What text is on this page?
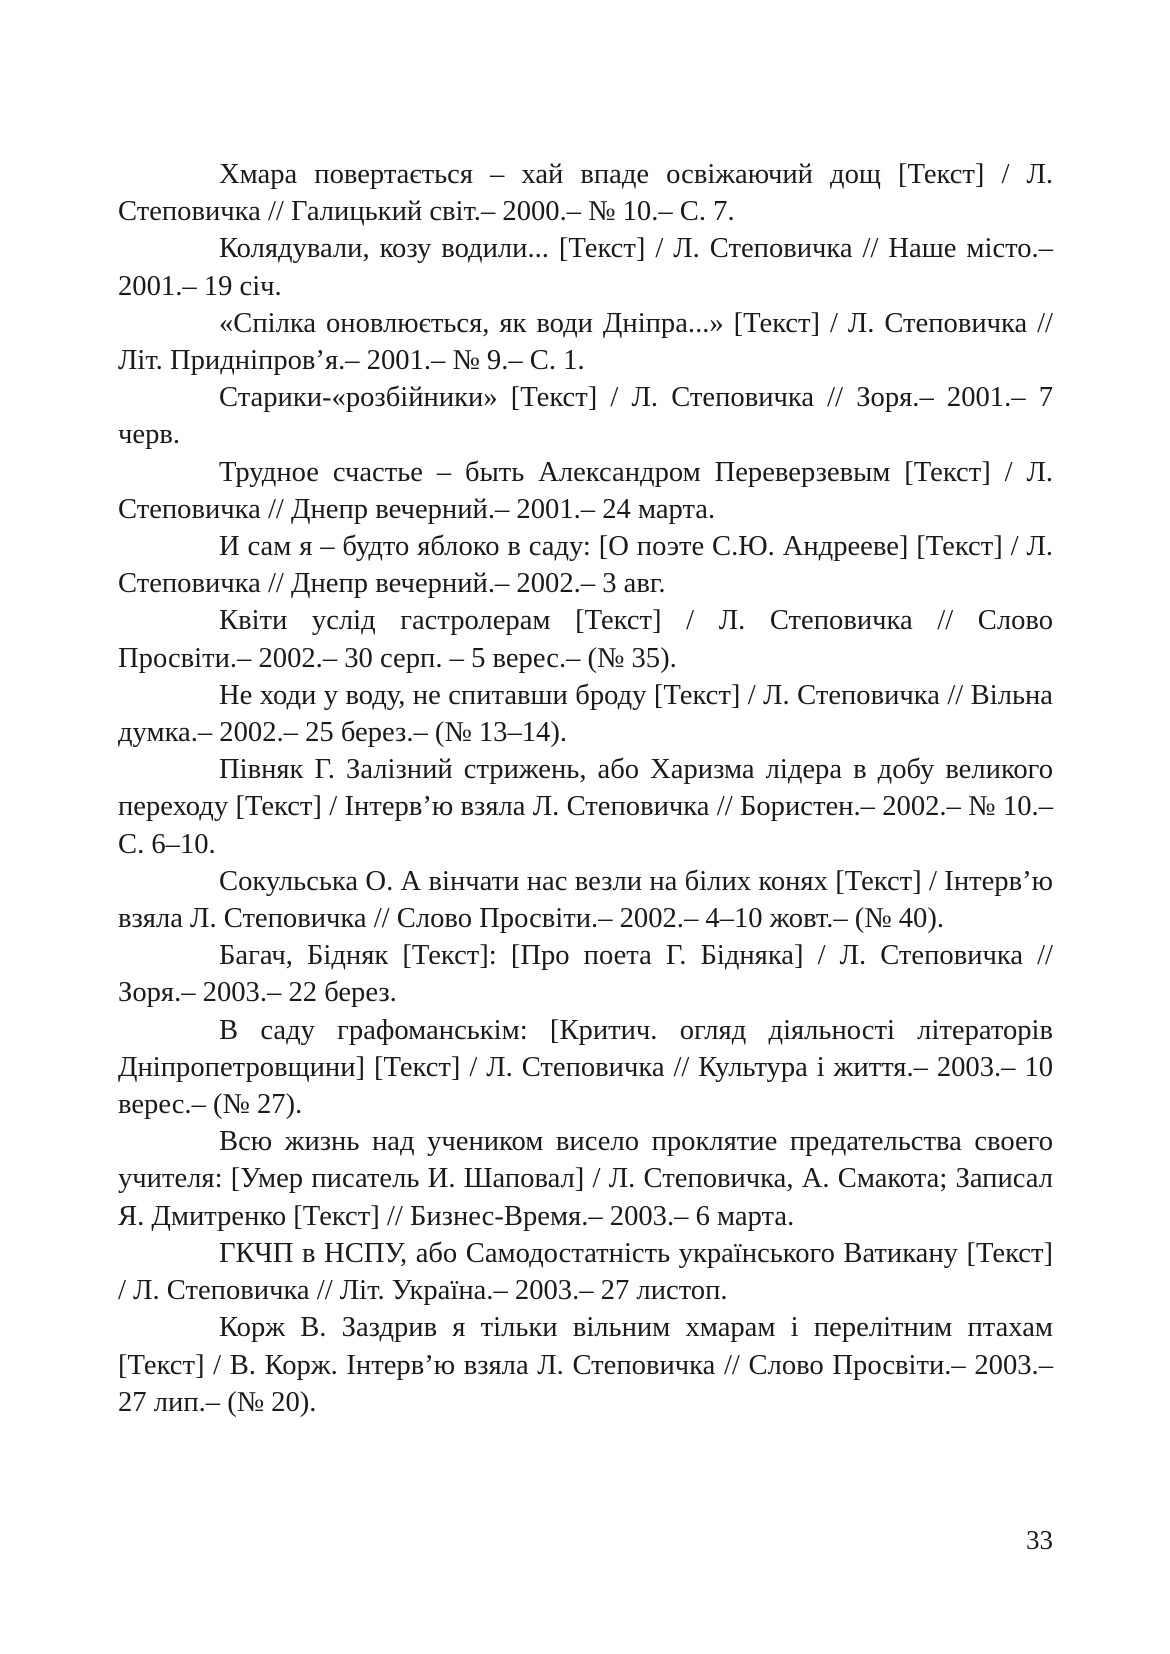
Хмара повертається – хай впаде освіжаючий дощ [Текст] / Л. Степовичка // Галицький світ.– 2000.– № 10.– С. 7.

Колядували, козу водили... [Текст] / Л. Степовичка // Наше місто.– 2001.– 19 січ.

«Спілка оновлюється, як води Дніпра...» [Текст] / Л. Степовичка // Літ. Придніпров’я.– 2001.– № 9.– С. 1.

Старики-«розбійники» [Текст] / Л. Степовичка // Зоря.– 2001.– 7 черв.

Трудное счастье – быть Александром Переверзевым [Текст] / Л. Степовичка // Днепр вечерний.– 2001.– 24 марта.

И сам я – будто яблоко в саду: [О поэте С.Ю. Андрееве] [Текст] / Л. Степовичка // Днепр вечерний.– 2002.– 3 авг.

Квіти услід гастролерам [Текст] / Л. Степовичка // Слово Просвіти.– 2002.– 30 серп. – 5 верес.– (№ 35).

Не ходи у воду, не спитавши броду [Текст] / Л. Степовичка // Вільна думка.– 2002.– 25 берез.– (№ 13–14).

Півняк Г. Залізний стрижень, або Харизма лідера в добу великого переходу [Текст] / Інтерв’ю взяла Л. Степовичка // Бористен.– 2002.– № 10.– С. 6–10.

Сокульська О. А вінчати нас везли на білих конях [Текст] / Інтерв’ю взяла Л. Степовичка // Слово Просвіти.– 2002.– 4–10 жовт.– (№ 40).

Багач, Бідняк [Текст]: [Про поета Г. Бідняка] / Л. Степовичка // Зоря.– 2003.– 22 берез.

В саду графоманськім: [Критич. огляд діяльності літераторів Дніпропетровщини] [Текст] / Л. Степовичка // Культура і життя.– 2003.– 10 верес.– (№ 27).

Всю жизнь над учеником висело проклятие предательства своего учителя: [Умер писатель И. Шаповал] / Л. Степовичка, А. Смакота; Записал Я. Дмитренко [Текст] // Бизнес-Время.– 2003.– 6 марта.

ГКЧП в НСПУ, або Самодостатність українського Ватикану [Текст] / Л. Степовичка // Літ. Україна.– 2003.– 27 листоп.

Корж В. Заздрив я тільки вільним хмарам і перелітним птахам [Текст] / В. Корж. Інтерв’ю взяла Л. Степовичка // Слово Просвіти.– 2003.– 27 лип.– (№ 20).

33
